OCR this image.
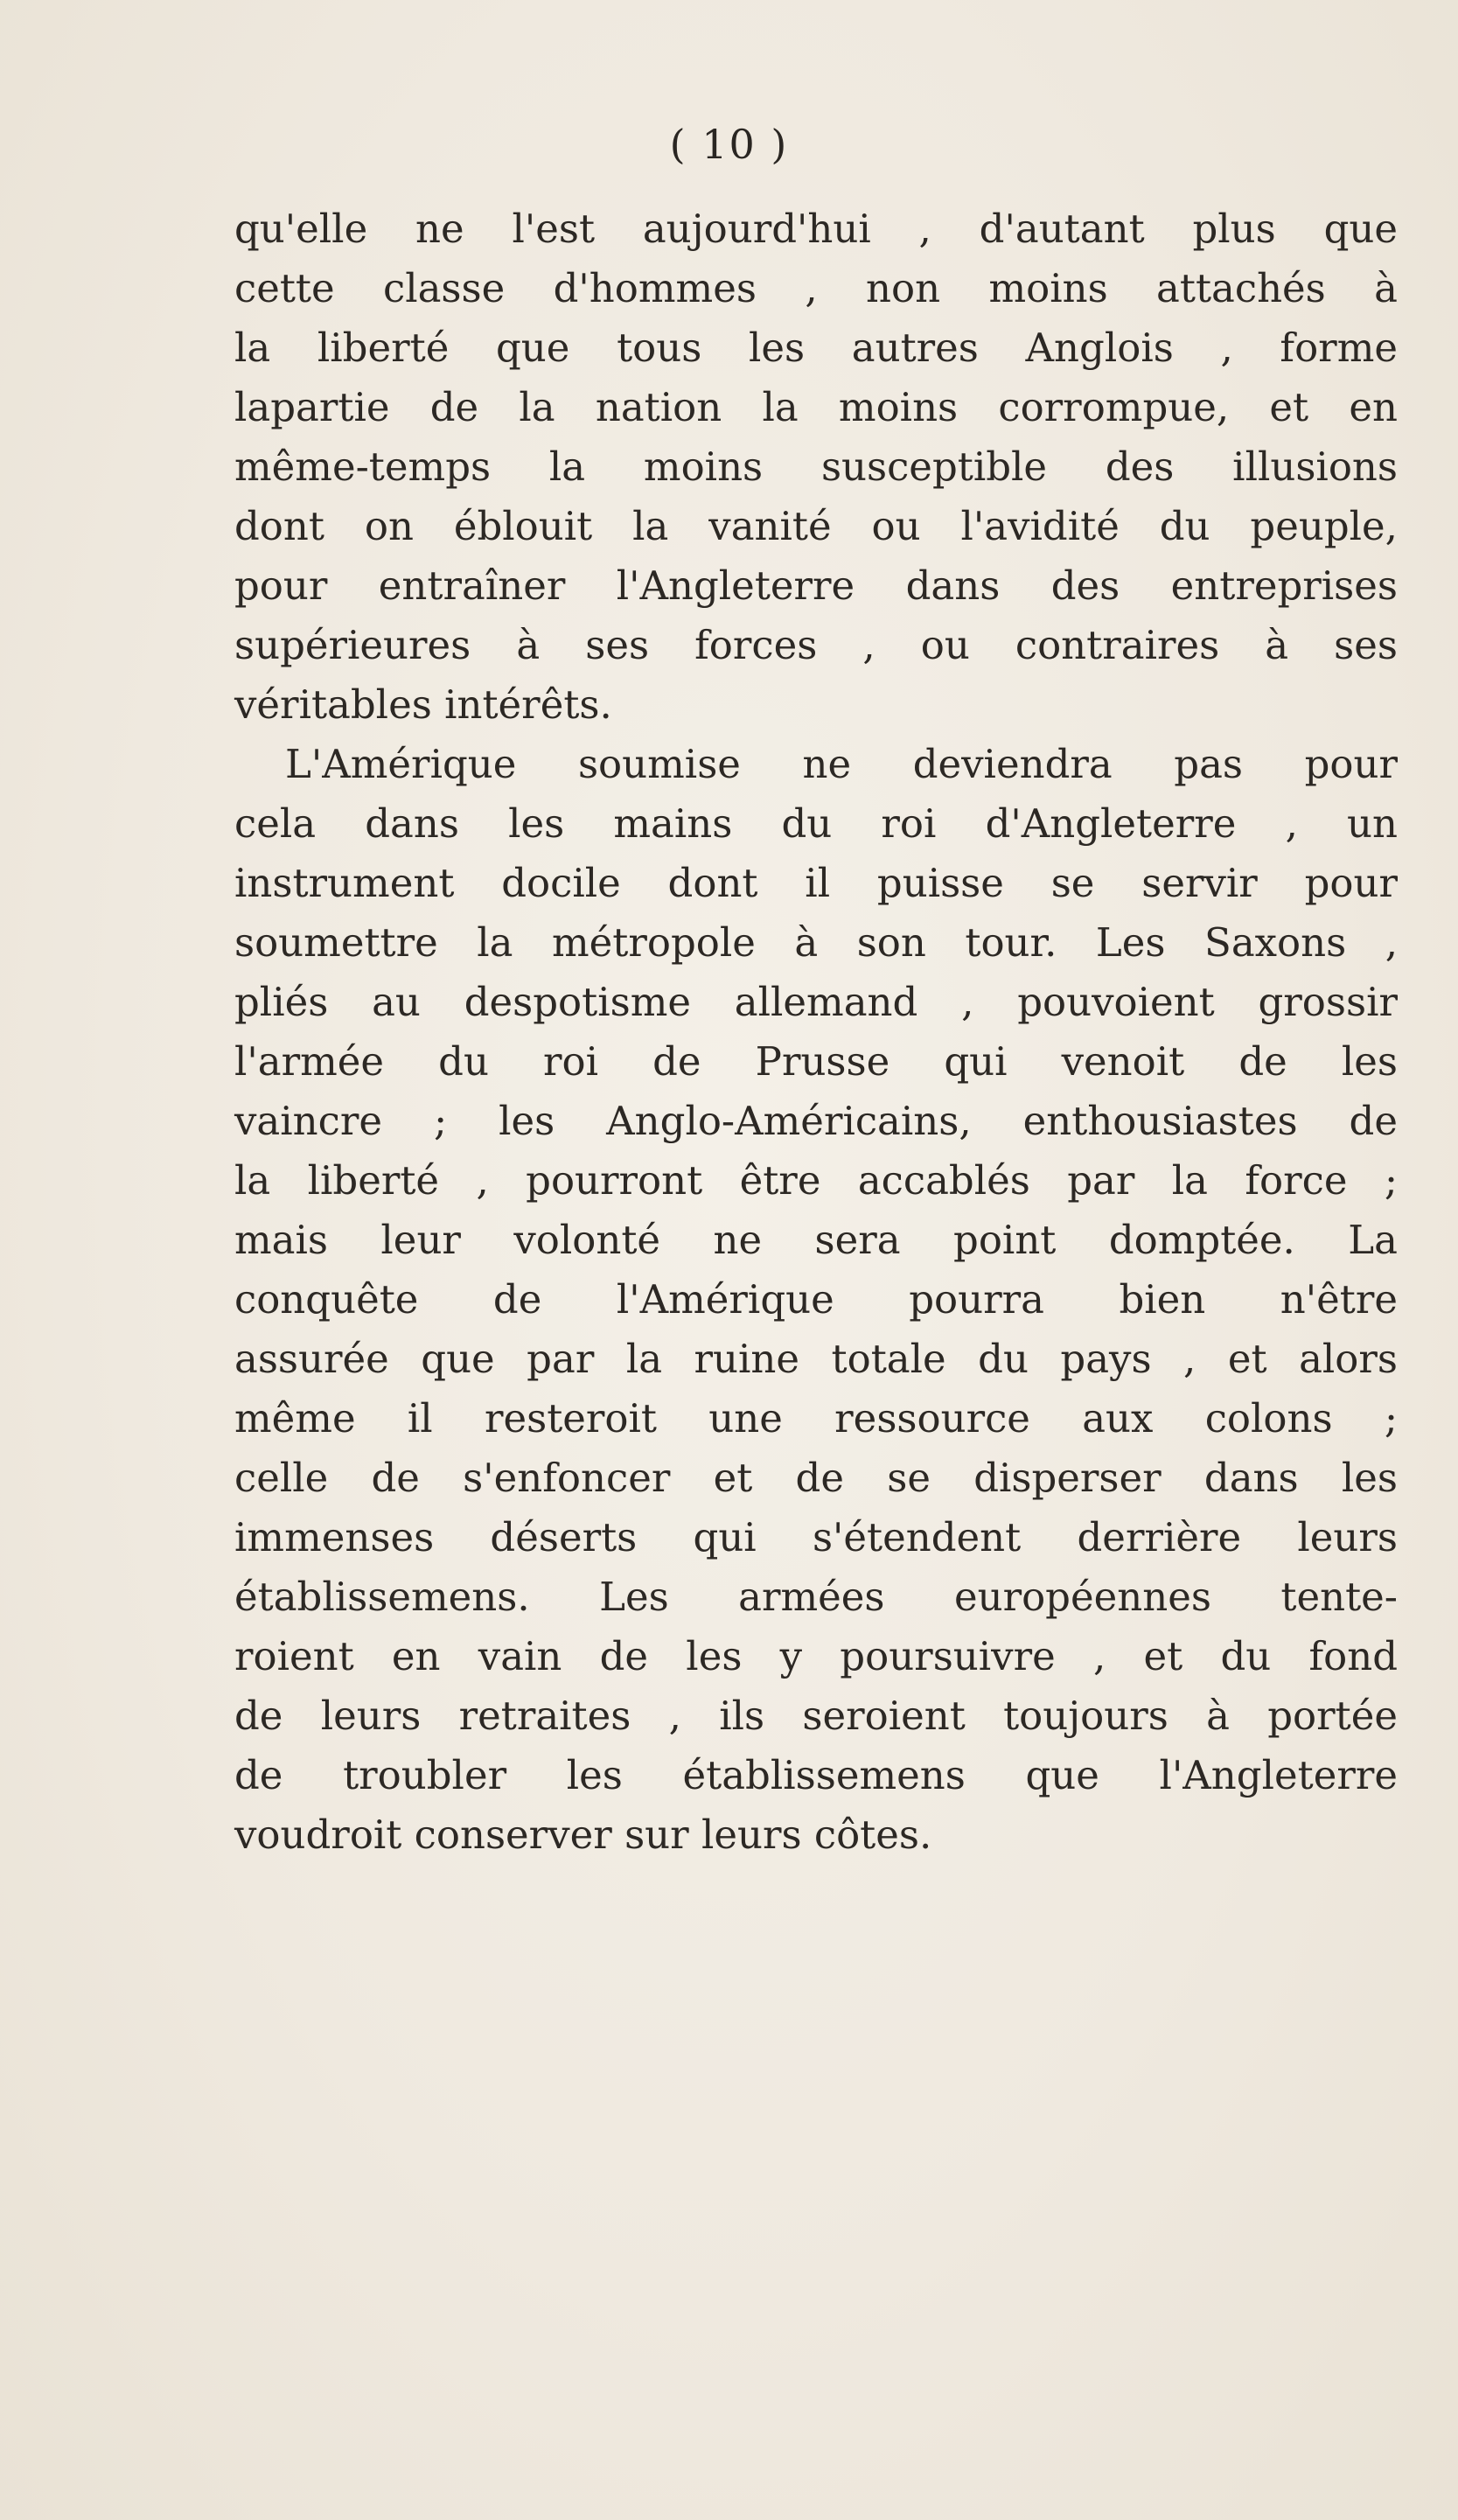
( 10 )
qu'elle ne l'est aujourd'hui , d'autant plus que
cette classe d'hommes , non moins attachés à
la liberté que tous les autres Anglois , forme
lapartie de la nation la moins corrompue, et en
même-temps la moins susceptible des illusions
dont on éblouit la vanité ou l'avidité du peuple,
pour entraîner l'Angleterre dans des entreprises
supérieures à ses forces , ou contraires à ses
véritables intérêts.
L'Amérique soumise ne deviendra pas pour
cela dans les mains du roi d'Angleterre , un
instrument docile dont il puisse se servir pour
soumettre la métropole à son tour. Les Saxons ,
pliés au despotisme allemand , pouvoient grossir
l'armée du roi de Prusse qui venoit de les
vaincre ; les Anglo-Américains, enthousiastes de
la liberté , pourront être accablés par la force ;
mais leur volonté ne sera point domptée. La
conquête de l'Amérique pourra bien n'être
assurée que par la ruine totale du pays , et alors
même il resteroit une ressource aux colons ;
celle de s'enfoncer et de se disperser dans les
immenses déserts qui s'étendent derrière leurs
établissemens. Les armées européennes tente-
roient en vain de les y poursuivre , et du fond
de leurs retraites , ils seroient toujours à portée
de troubler les établissemens que l'Angleterre
voudroit conserver sur leurs côtes.
